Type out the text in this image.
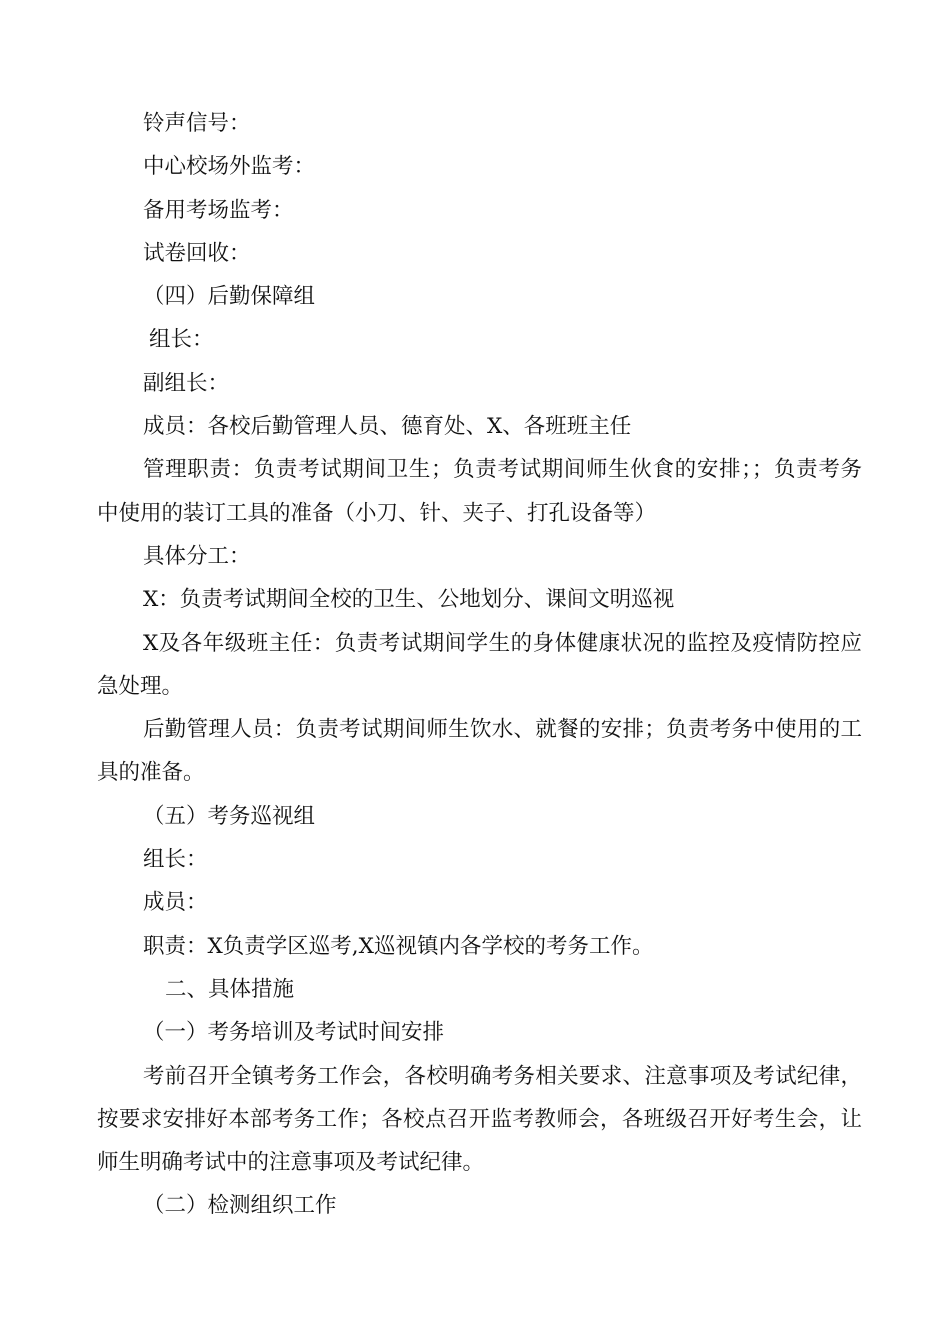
铃声信号：

中心校场外监考：

备用考场监考：

试卷回收：

（四）后勤保障组

组长：

副组长：

成员：各校后勤管理人员、德育处、X、各班班主任

管理职责：负责考试期间卫生；负责考试期间师生伙食的安排；；负责考务中使用的装订工具的准备（小刀、针、夹子、打孔设备等）

具体分工：

X：负责考试期间全校的卫生、公地划分、课间文明巡视

X及各年级班主任：负责考试期间学生的身体健康状况的监控及疫情防控应急处理。

后勤管理人员：负责考试期间师生饮水、就餐的安排；负责考务中使用的工具的准备。

（五）考务巡视组

组长：

成员：

职责：X负责学区巡考,X巡视镇内各学校的考务工作。

二、具体措施

（一）考务培训及考试时间安排

考前召开全镇考务工作会，各校明确考务相关要求、注意事项及考试纪律，按要求安排好本部考务工作；各校点召开监考教师会，各班级召开好考生会，让师生明确考试中的注意事项及考试纪律。

（二）检测组织工作
